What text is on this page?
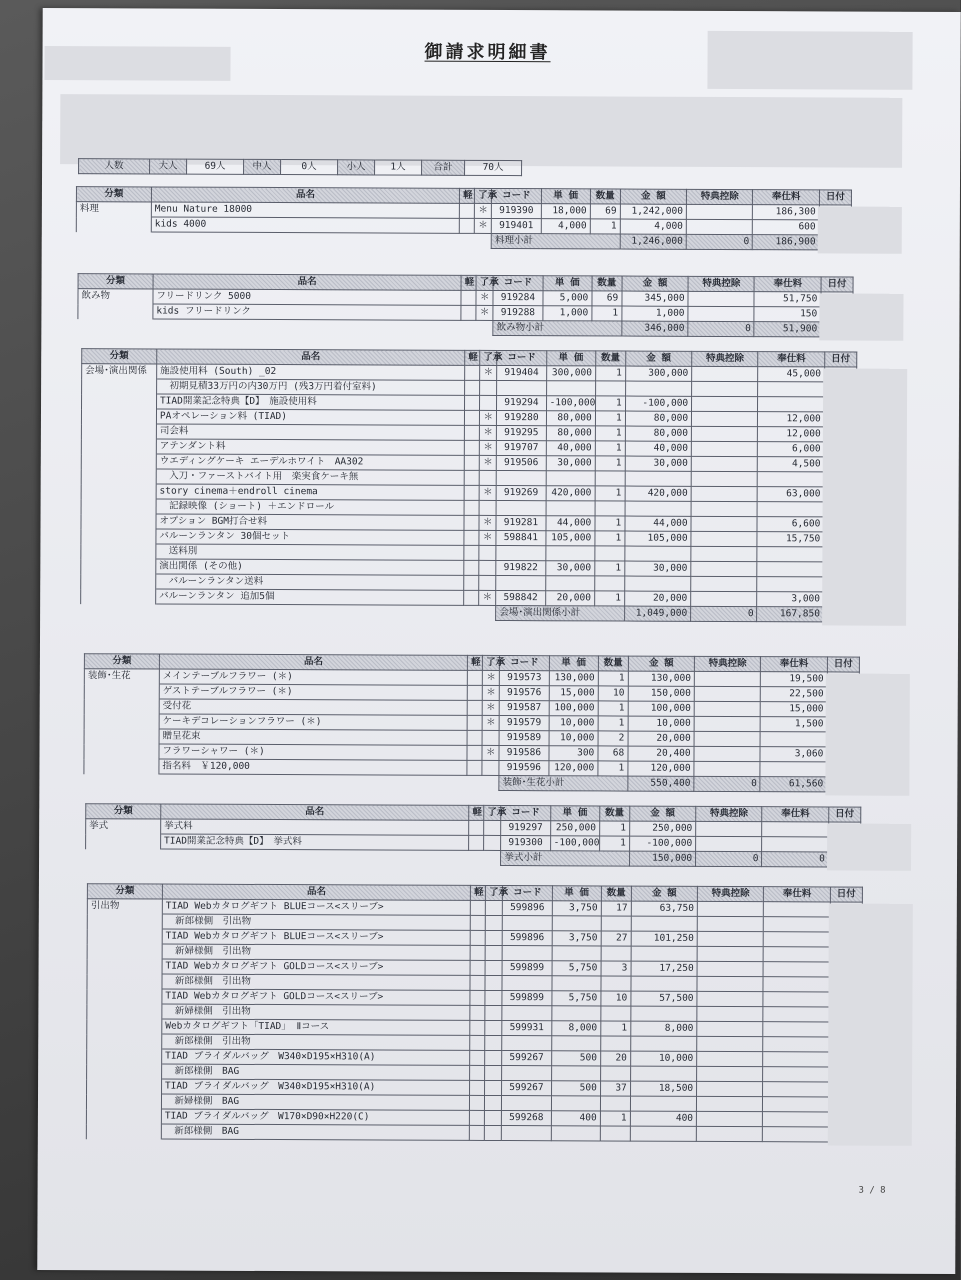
御請求明細書
人数	大人	69人	中人	0人	小人	1人	合計	70人	
分類	品名	軽	了承	コード	単 価	数量	金 額	特典控除	奉仕料	日付
料理	Menu Nature 18000		＊	919390	18,000	69	1,242,000		186,300	
	kids 4000		＊	919401	4,000	1	4,000		600	
				料理小計			1,246,000	0	186,900	
分類	品名	軽	了承	コード	単 価	数量	金 額	特典控除	奉仕料	日付
飲み物	フリードリンク 5000		＊	919284	5,000	69	345,000		51,750	
	kids フリードリンク		＊	919288	1,000	1	1,000		150	
				飲み物小計			346,000	0	51,900	
分類	品名	軽	了承	コード	単 価	数量	金 額	特典控除	奉仕料	日付
会場･演出関係	施設使用料 (South) _02		＊	919404	300,000	1	300,000		45,000	
	　初期見積33万円の内30万円 (残3万円着付室料)									
	TIAD開業記念特典【D】　施設使用料			919294	-100,000	1	-100,000			
	PAオペレーション料 (TIAD)		＊	919280	80,000	1	80,000		12,000	
	司会料		＊	919295	80,000	1	80,000		12,000	
	アテンダント料		＊	919707	40,000	1	40,000		6,000	
	ウエディングケーキ エーデルホワイト　AA302		＊	919506	30,000	1	30,000		4,500	
	　入刀・ファーストバイト用　楽実食ケーキ無									
	story cinema＋endroll cinema		＊	919269	420,000	1	420,000		63,000	
	　記録映像 (ショート) ＋エンドロール									
	オプション BGM打合せ料		＊	919281	44,000	1	44,000		6,600	
	バルーンランタン 30個セット		＊	598841	105,000	1	105,000		15,750	
	　送料別									
	演出関係 (その他)			919822	30,000	1	30,000			
	　バルーンランタン送料									
	バルーンランタン 追加5個		＊	598842	20,000	1	20,000		3,000	
				会場･演出関係小計			1,049,000	0	167,850	
分類	品名	軽	了承	コード	単 価	数量	金 額	特典控除	奉仕料	日付
装飾･生花	メインテーブルフラワー (＊)		＊	919573	130,000	1	130,000		19,500	
	ゲストテーブルフラワー (＊)		＊	919576	15,000	10	150,000		22,500	
	受付花		＊	919587	100,000	1	100,000		15,000	
	ケーキデコレーションフラワー (＊)		＊	919579	10,000	1	10,000		1,500	
	贈呈花束			919589	10,000	2	20,000			
	フラワーシャワー (＊)		＊	919586	300	68	20,400		3,060	
	指名料　￥120,000			919596	120,000	1	120,000			
				装飾･生花小計			550,400	0	61,560	
分類	品名	軽	了承	コード	単 価	数量	金 額	特典控除	奉仕料	日付
挙式	挙式料			919297	250,000	1	250,000			
	TIAD開業記念特典【D】　挙式料			919300	-100,000	1	-100,000			
				挙式小計			150,000	0	0	
分類	品名	軽	了承	コード	単 価	数量	金 額	特典控除	奉仕料	日付
引出物	TIAD Webカタログギフト BLUEコース<スリーブ>			599896	3,750	17	63,750			
	　新郎様側　引出物									
	TIAD Webカタログギフト BLUEコース<スリーブ>			599896	3,750	27	101,250			
	　新婦様側　引出物									
	TIAD Webカタログギフト GOLDコース<スリーブ>			599899	5,750	3	17,250			
	　新郎様側　引出物									
	TIAD Webカタログギフト GOLDコース<スリーブ>			599899	5,750	10	57,500			
	　新婦様側　引出物									
	Webカタログギフト「TIAD」 Ⅱコース			599931	8,000	1	8,000			
	　新郎様側　引出物									
	TIAD ブライダルバッグ　W340×D195×H310(A)			599267	500	20	10,000			
	　新郎様側　BAG									
	TIAD ブライダルバッグ　W340×D195×H310(A)			599267	500	37	18,500			
	　新婦様側　BAG									
	TIAD ブライダルバッグ　W170×D90×H220(C)			599268	400	1	400			
	　新郎様側　BAG									
3 / 8
